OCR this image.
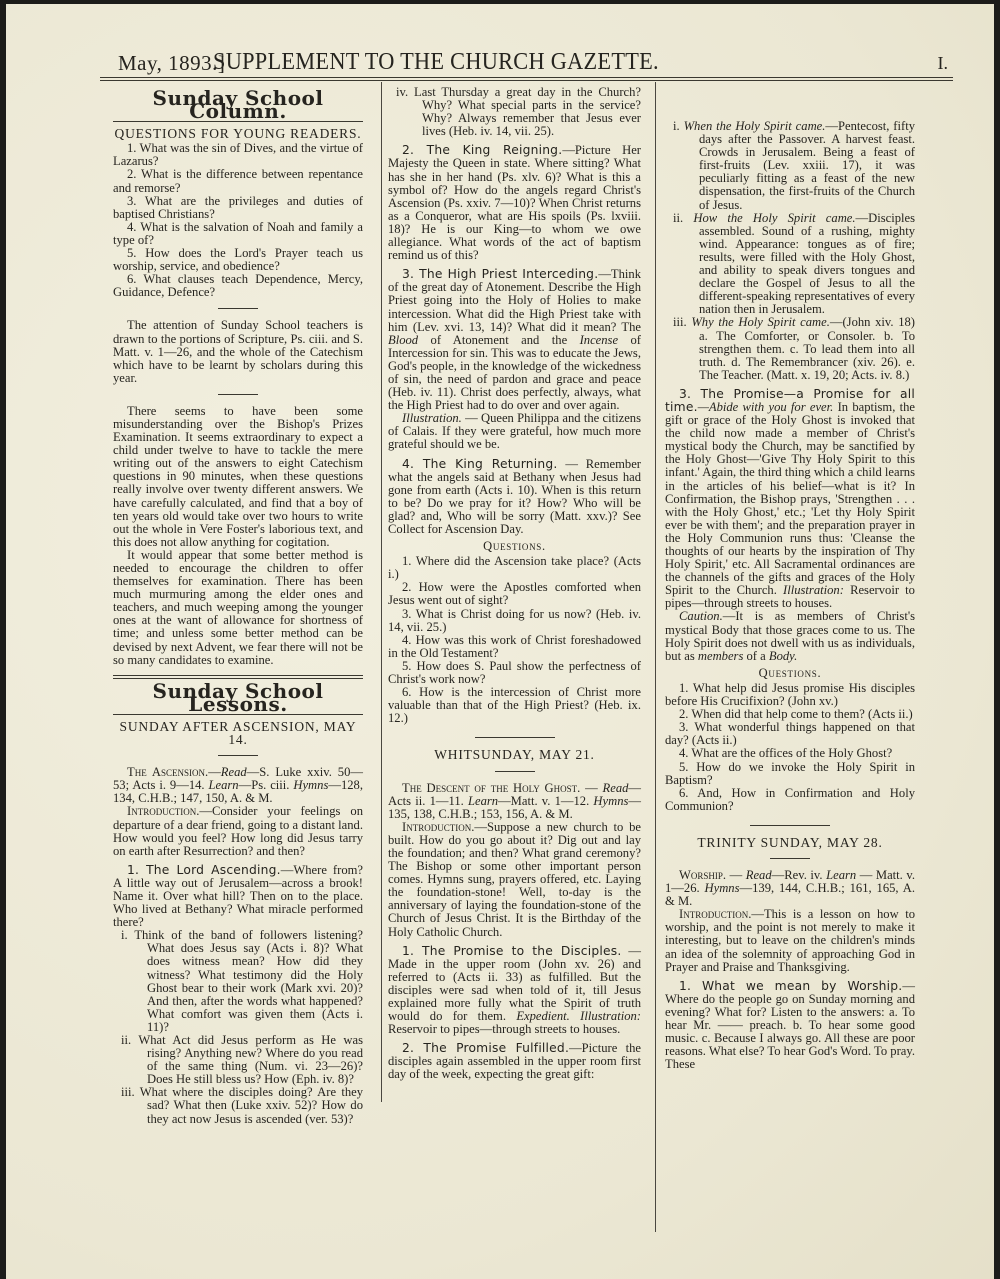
May, 1893.]
SUPPLEMENT TO THE CHURCH GAZETTE.	I.
Sunday School Column.
QUESTIONS FOR YOUNG READERS.

1. What was the sin of Dives, and the virtue of Lazarus?

2. What is the difference between repentance and remorse?

3. What are the privileges and duties of baptised Christians?

4. What is the salvation of Noah and family a type of?

5. How does the Lord's Prayer teach us worship, service, and obedience?

6. What clauses teach Dependence, Mercy, Guidance, Defence?

The attention of Sunday School teachers is drawn to the portions of Scripture, Ps. ciii. and S. Matt. v. 1—26, and the whole of the Catechism which have to be learnt by scholars during this year.

There seems to have been some misunderstanding over the Bishop's Prizes Examination. It seems extraordinary to expect a child under twelve to have to tackle the mere writing out of the answers to eight Catechism questions in 90 minutes, when these questions really involve over twenty different answers. We have carefully calculated, and find that a boy of ten years old would take over two hours to write out the whole in Vere Foster's laborious text, and this does not allow anything for cogitation.

It would appear that some better method is needed to encourage the children to offer themselves for examination. There has been much murmuring among the elder ones and teachers, and much weeping among the younger ones at the want of allowance for shortness of time; and unless some better method can be devised by next Advent, we fear there will not be so many candidates to examine.

Sunday School Lessons.
SUNDAY AFTER ASCENSION, MAY 14.

The Ascension.—Read—S. Luke xxiv. 50—53; Acts i. 9—14. Learn—Ps. ciii. Hymns—128, 134, C.H.B.; 147, 150, A. & M.

Introduction.—Consider your feelings on departure of a dear friend, going to a distant land. How would you feel? How long did Jesus tarry on earth after Resurrection? and then?

1. The Lord Ascending.—Where from? A little way out of Jerusalem—across a brook! Name it. Over what hill? Then on to the place. Who lived at Bethany? What miracle performed there?

i. Think of the band of followers listening? What does Jesus say (Acts i. 8)? What does witness mean? How did they witness? What testimony did the Holy Ghost bear to their work (Mark xvi. 20)? And then, after the words what happened? What comfort was given them (Acts i. 11)?

ii. What Act did Jesus perform as He was rising? Anything new? Where do you read of the same thing (Num. vi. 23—26)? Does He still bless us? How (Eph. iv. 8)?

iii. What where the disciples doing? Are they sad? What then (Luke xxiv. 52)? How do they act now Jesus is ascended (ver. 53)?

iv. Last Thursday a great day in the Church? Why? What special parts in the service? Why? Always remember that Jesus ever lives (Heb. iv. 14, vii. 25).

2. The King Reigning.—Picture Her Majesty the Queen in state. Where sitting? What has she in her hand (Ps. xlv. 6)? What is this a symbol of? How do the angels regard Christ's Ascension (Ps. xxiv. 7—10)? When Christ returns as a Conqueror, what are His spoils (Ps. lxviii. 18)? He is our King—to whom we owe allegiance. What words of the act of baptism remind us of this?

3. The High Priest Interceding.—Think of the great day of Atonement. Describe the High Priest going into the Holy of Holies to make intercession. What did the High Priest take with him (Lev. xvi. 13, 14)? What did it mean? The Blood of Atonement and the Incense of Intercession for sin. This was to educate the Jews, God's people, in the knowledge of the wickedness of sin, the need of pardon and grace and peace (Heb. iv. 11). Christ does perfectly, always, what the High Priest had to do over and over again.

Illustration. — Queen Philippa and the citizens of Calais. If they were grateful, how much more grateful should we be.

4. The King Returning. — Remember what the angels said at Bethany when Jesus had gone from earth (Acts i. 10). When is this return to be? Do we pray for it? How? Who will be glad? and, Who will be sorry (Matt. xxv.)? See Collect for Ascension Day.

Questions.

1. Where did the Ascension take place? (Acts i.)

2. How were the Apostles comforted when Jesus went out of sight?

3. What is Christ doing for us now? (Heb. iv. 14, vii. 25.)

4. How was this work of Christ foreshadowed in the Old Testament?

5. How does S. Paul show the perfectness of Christ's work now?

6. How is the intercession of Christ more valuable than that of the High Priest? (Heb. ix. 12.)

WHITSUNDAY, MAY 21.

The Descent of the Holy Ghost. — Read—Acts ii. 1—11. Learn—Matt. v. 1—12. Hymns—135, 138, C.H.B.; 153, 156, A. & M.

Introduction.—Suppose a new church to be built. How do you go about it? Dig out and lay the foundation; and then? What grand ceremony? The Bishop or some other important person comes. Hymns sung, prayers offered, etc. Laying the foundation-stone! Well, to-day is the anniversary of laying the foundation-stone of the Church of Jesus Christ. It is the Birthday of the Holy Catholic Church.

1. The Promise to the Disciples. — Made in the upper room (John xv. 26) and referred to (Acts ii. 33) as fulfilled. But the disciples were sad when told of it, till Jesus explained more fully what the Spirit of truth would do for them. Expedient. Illustration: Reservoir to pipes—through streets to houses.

2. The Promise Fulfilled.—Picture the disciples again assembled in the upper room first day of the week, expecting the great gift:

i. When the Holy Spirit came.—Pentecost, fifty days after the Passover. A harvest feast. Crowds in Jerusalem. Being a feast of first-fruits (Lev. xxiii. 17), it was peculiarly fitting as a feast of the new dispensation, the first-fruits of the Church of Jesus.

ii. How the Holy Spirit came.—Disciples assembled. Sound of a rushing, mighty wind. Appearance: tongues as of fire; results, were filled with the Holy Ghost, and ability to speak divers tongues and declare the Gospel of Jesus to all the different-speaking representatives of every nation then in Jerusalem.

iii. Why the Holy Spirit came.—(John xiv. 18) a. The Comforter, or Consoler. b. To strengthen them. c. To lead them into all truth. d. The Remembrancer (xiv. 26). e. The Teacher. (Matt. x. 19, 20; Acts. iv. 8.)

3. The Promise—a Promise for all time.—Abide with you for ever. In baptism, the gift or grace of the Holy Ghost is invoked that the child now made a member of Christ's mystical body the Church, may be sanctified by the Holy Ghost—'Give Thy Holy Spirit to this infant.' Again, the third thing which a child learns in the articles of his belief—what is it? In Confirmation, the Bishop prays, 'Strengthen . . . with the Holy Ghost,' etc.; 'Let thy Holy Spirit ever be with them'; and the preparation prayer in the Holy Communion runs thus: 'Cleanse the thoughts of our hearts by the inspiration of Thy Holy Spirit,' etc. All Sacramental ordinances are the channels of the gifts and graces of the Holy Spirit to the Church. Illustration: Reservoir to pipes—through streets to houses.

Caution.—It is as members of Christ's mystical Body that those graces come to us. The Holy Spirit does not dwell with us as individuals, but as members of a Body.

Questions.

1. What help did Jesus promise His disciples before His Crucifixion? (John xv.)

2. When did that help come to them? (Acts ii.)

3. What wonderful things happened on that day? (Acts ii.)

4. What are the offices of the Holy Ghost?

5. How do we invoke the Holy Spirit in Baptism?

6. And, How in Confirmation and Holy Communion?

TRINITY SUNDAY, MAY 28.

Worship. — Read—Rev. iv. Learn — Matt. v. 1—26. Hymns—139, 144, C.H.B.; 161, 165, A. & M.

Introduction.—This is a lesson on how to worship, and the point is not merely to make it interesting, but to leave on the children's minds an idea of the solemnity of approaching God in Prayer and Praise and Thanksgiving.

1. What we mean by Worship.—Where do the people go on Sunday morning and evening? What for? Listen to the answers: a. To hear Mr. —— preach. b. To hear some good music. c. Because I always go. All these are poor reasons. What else? To hear God's Word. To pray. These
